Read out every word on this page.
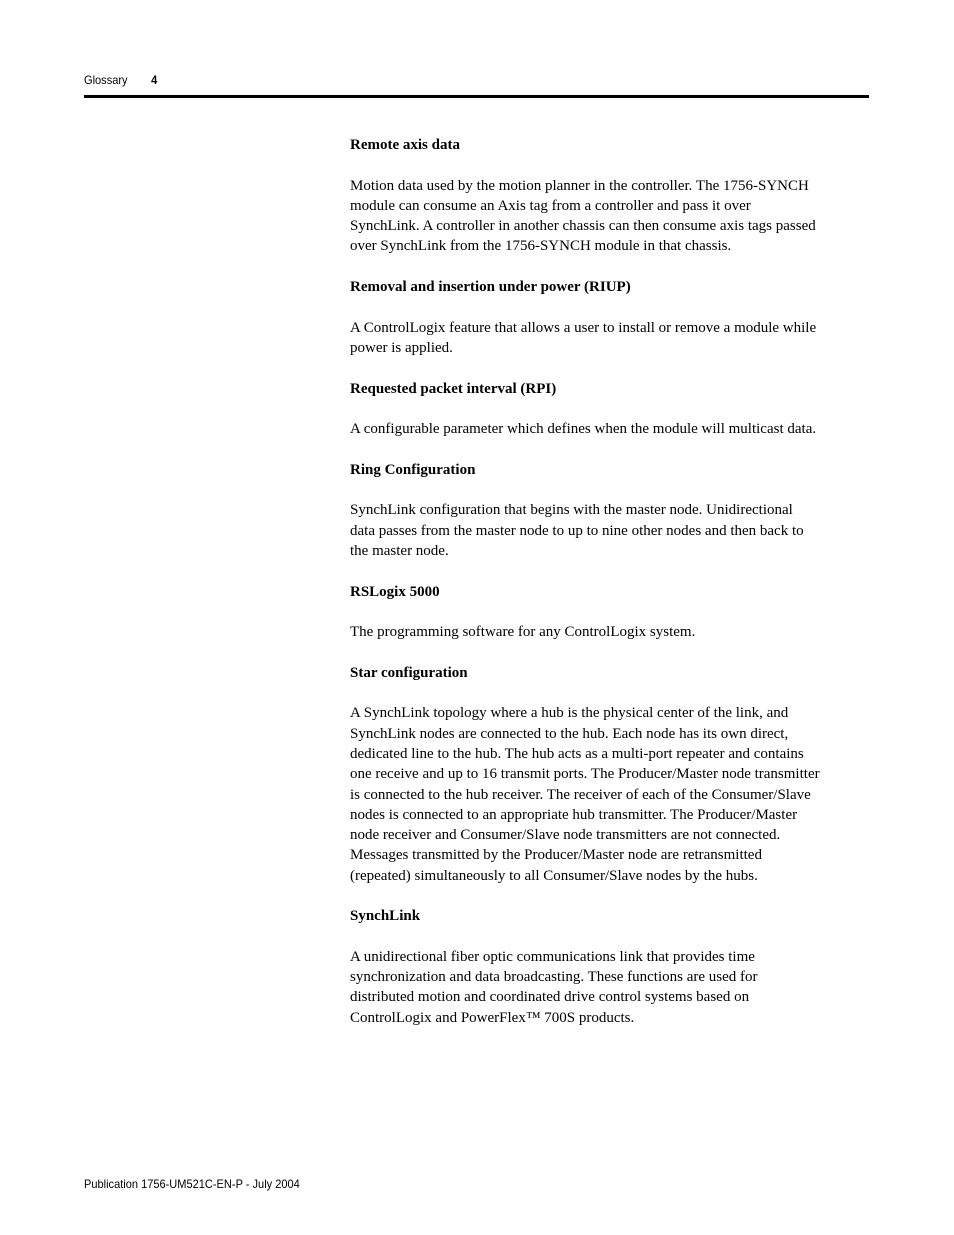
Glossary 4

Remote axis data

Motion data used by the motion planner in the controller. The 1756-SYNCH module can consume an Axis tag from a controller and pass it over SynchLink. A controller in another chassis can then consume axis tags passed over SynchLink from the 1756-SYNCH module in that chassis.

Removal and insertion under power (RIUP)

A ControlLogix feature that allows a user to install or remove a module while power is applied.

Requested packet interval (RPI)

A configurable parameter which defines when the module will multicast data.

Ring Configuration

SynchLink configuration that begins with the master node. Unidirectional data passes from the master node to up to nine other nodes and then back to the master node.

RSLogix 5000

The programming software for any ControlLogix system.

Star configuration

A SynchLink topology where a hub is the physical center of the link, and SynchLink nodes are connected to the hub. Each node has its own direct, dedicated line to the hub. The hub acts as a multi-port repeater and contains one receive and up to 16 transmit ports. The Producer/Master node transmitter is connected to the hub receiver. The receiver of each of the Consumer/Slave nodes is connected to an appropriate hub transmitter. The Producer/Master node receiver and Consumer/Slave node transmitters are not connected. Messages transmitted by the Producer/Master node are retransmitted (repeated) simultaneously to all Consumer/Slave nodes by the hubs.

SynchLink

A unidirectional fiber optic communications link that provides time synchronization and data broadcasting. These functions are used for distributed motion and coordinated drive control systems based on ControlLogix and PowerFlex™ 700S products.

Publication 1756-UM521C-EN-P - July 2004
